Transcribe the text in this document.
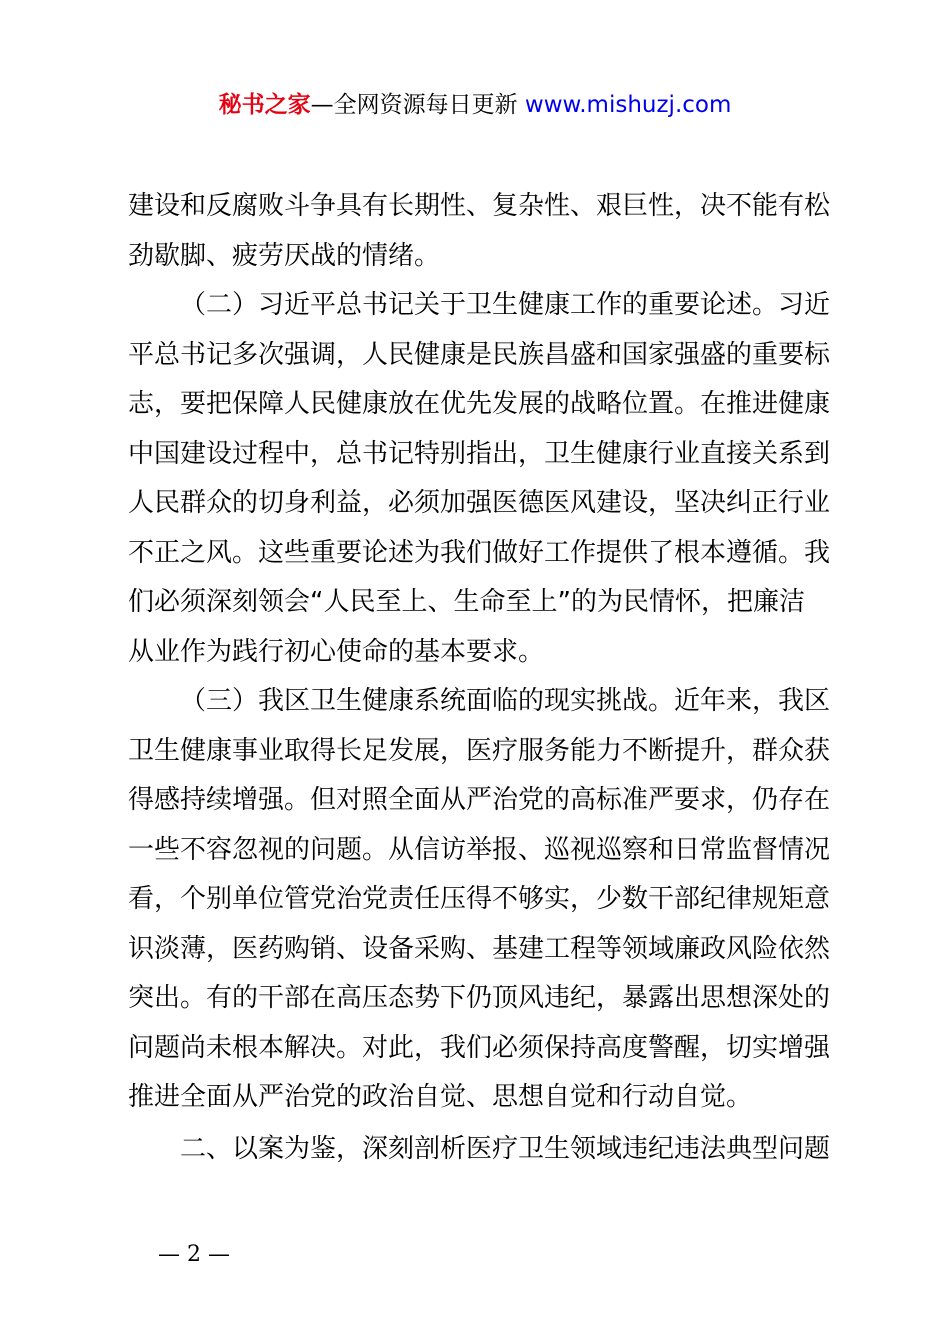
秘书之家—全网资源每日更新 www.mishuzj.com
建设和反腐败斗争具有长期性、复杂性、艰巨性，决不能有松
劲歇脚、疲劳厌战的情绪。
（二）习近平总书记关于卫生健康工作的重要论述。习近
平总书记多次强调，人民健康是民族昌盛和国家强盛的重要标
志，要把保障人民健康放在优先发展的战略位置。在推进健康
中国建设过程中，总书记特别指出，卫生健康行业直接关系到
人民群众的切身利益，必须加强医德医风建设，坚决纠正行业
不正之风。这些重要论述为我们做好工作提供了根本遵循。我
们必须深刻领会“人民至上、生命至上”的为民情怀，把廉洁
从业作为践行初心使命的基本要求。
（三）我区卫生健康系统面临的现实挑战。近年来，我区
卫生健康事业取得长足发展，医疗服务能力不断提升，群众获
得感持续增强。但对照全面从严治党的高标准严要求，仍存在
一些不容忽视的问题。从信访举报、巡视巡察和日常监督情况
看，个别单位管党治党责任压得不够实，少数干部纪律规矩意
识淡薄，医药购销、设备采购、基建工程等领域廉政风险依然
突出。有的干部在高压态势下仍顶风违纪，暴露出思想深处的
问题尚未根本解决。对此，我们必须保持高度警醒，切实增强
推进全面从严治党的政治自觉、思想自觉和行动自觉。
二、以案为鉴，深刻剖析医疗卫生领域违纪违法典型问题
— 2 —
